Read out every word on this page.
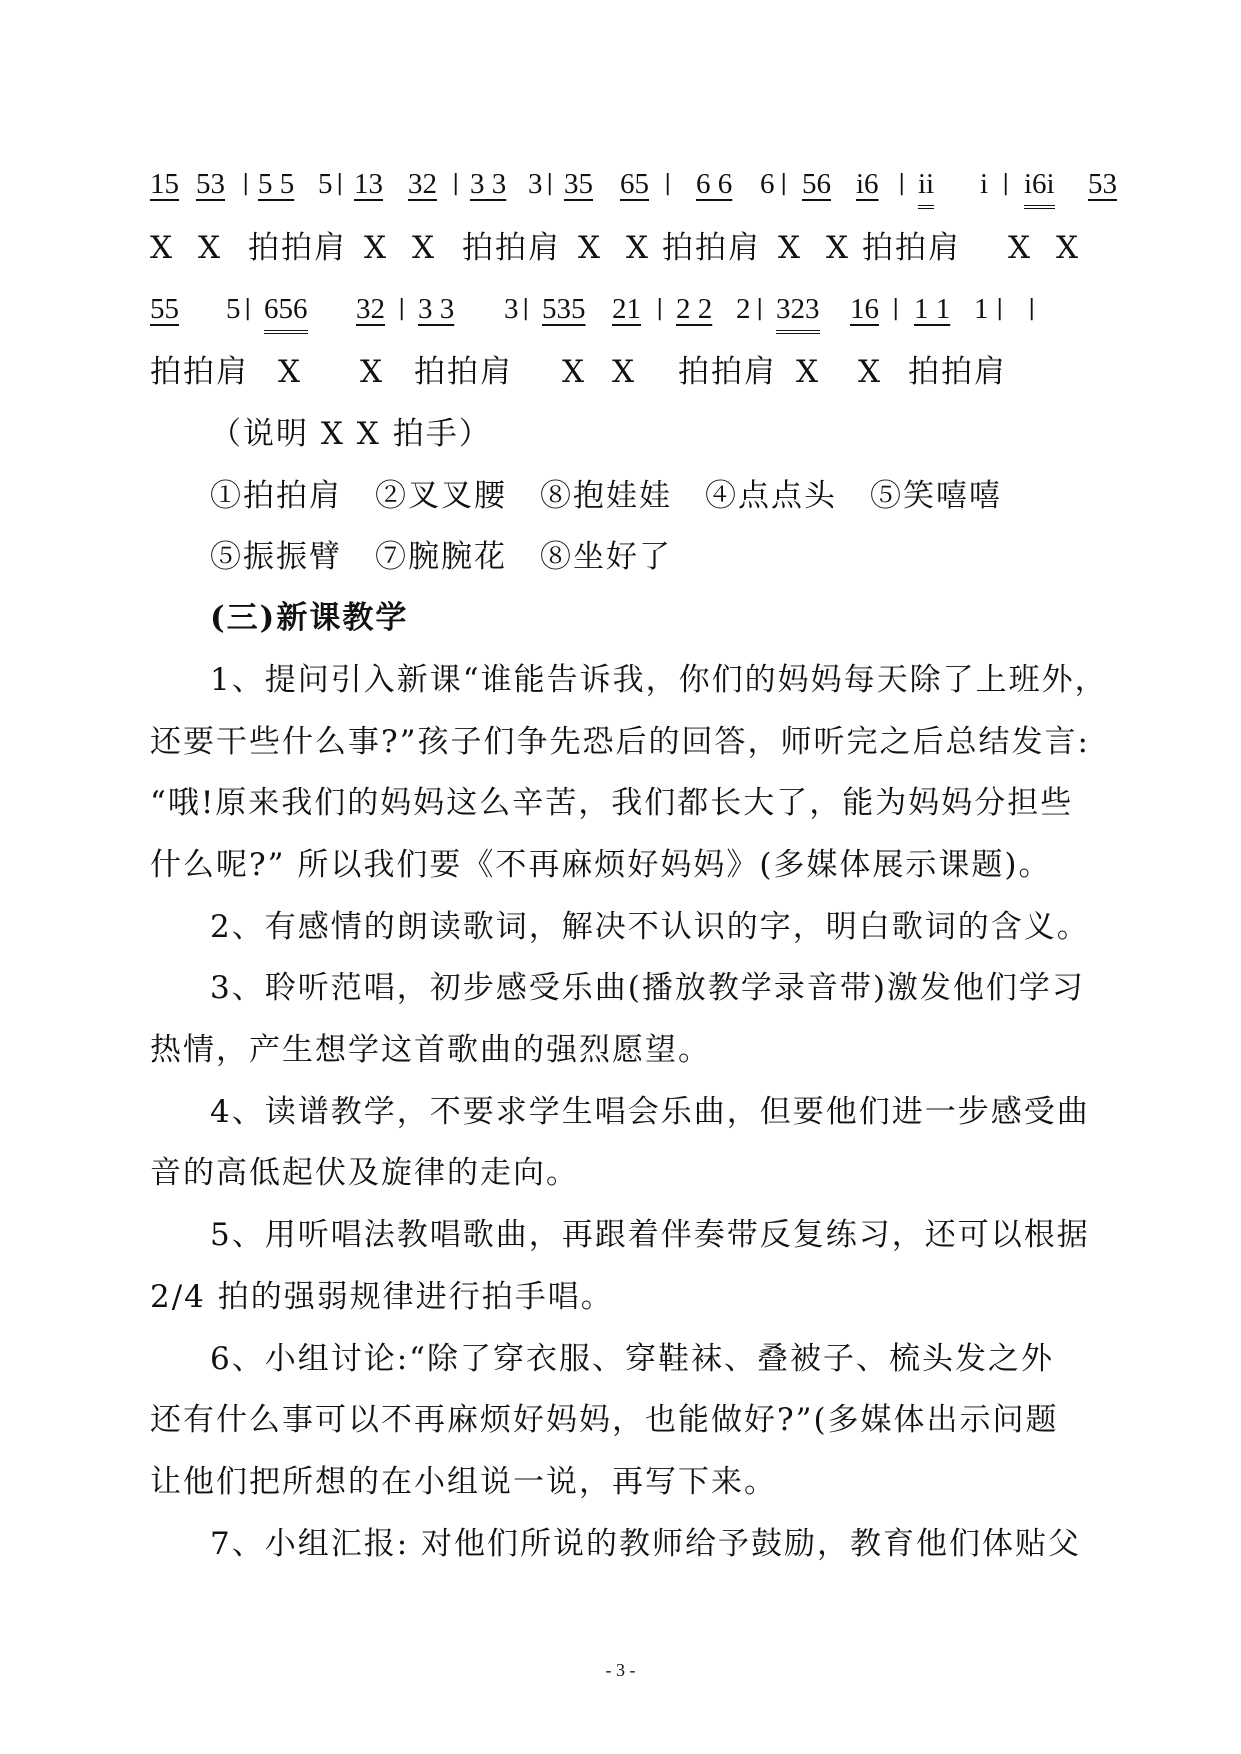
15 53 | 5 5 5 | 13 32 | 3 3 3 | 35 65 | 6 6 6 | 56 i6 | ii i | i6i 53
X X 拍拍肩 X X 拍拍肩 X X 拍拍肩 X X 拍拍肩 X X
55 5 | 656 32 | 3 3 3 | 535 21 | 2 2 2 | 323 16 | 1 1 1 | |
拍拍肩 X X 拍拍肩 X X 拍拍肩 X X 拍拍肩
（说明 X X 拍手）
①拍拍肩　②叉叉腰　⑧抱娃娃　④点点头　⑤笑嘻嘻
⑤振振臂　⑦腕腕花　⑧坐好了
(三)新课教学
1、提问引入新课“谁能告诉我，你们的妈妈每天除了上班外，
还要干些什么事?”孩子们争先恐后的回答，师听完之后总结发言:
“哦!原来我们的妈妈这么辛苦，我们都长大了，能为妈妈分担些
什么呢?” 所以我们要《不再麻烦好妈妈》(多媒体展示课题)。
2、有感情的朗读歌词，解决不认识的字，明白歌词的含义。
3、聆听范唱，初步感受乐曲(播放教学录音带)激发他们学习
热情，产生想学这首歌曲的强烈愿望。
4、读谱教学，不要求学生唱会乐曲，但要他们进一步感受曲
音的高低起伏及旋律的走向。
5、用听唱法教唱歌曲，再跟着伴奏带反复练习，还可以根据
2/4 拍的强弱规律进行拍手唱。
6、小组讨论:“除了穿衣服、穿鞋袜、叠被子、梳头发之外
还有什么事可以不再麻烦好妈妈，也能做好?”(多媒体出示问题
让他们把所想的在小组说一说，再写下来。
7、小组汇报: 对他们所说的教师给予鼓励，教育他们体贴父
- 3 -
